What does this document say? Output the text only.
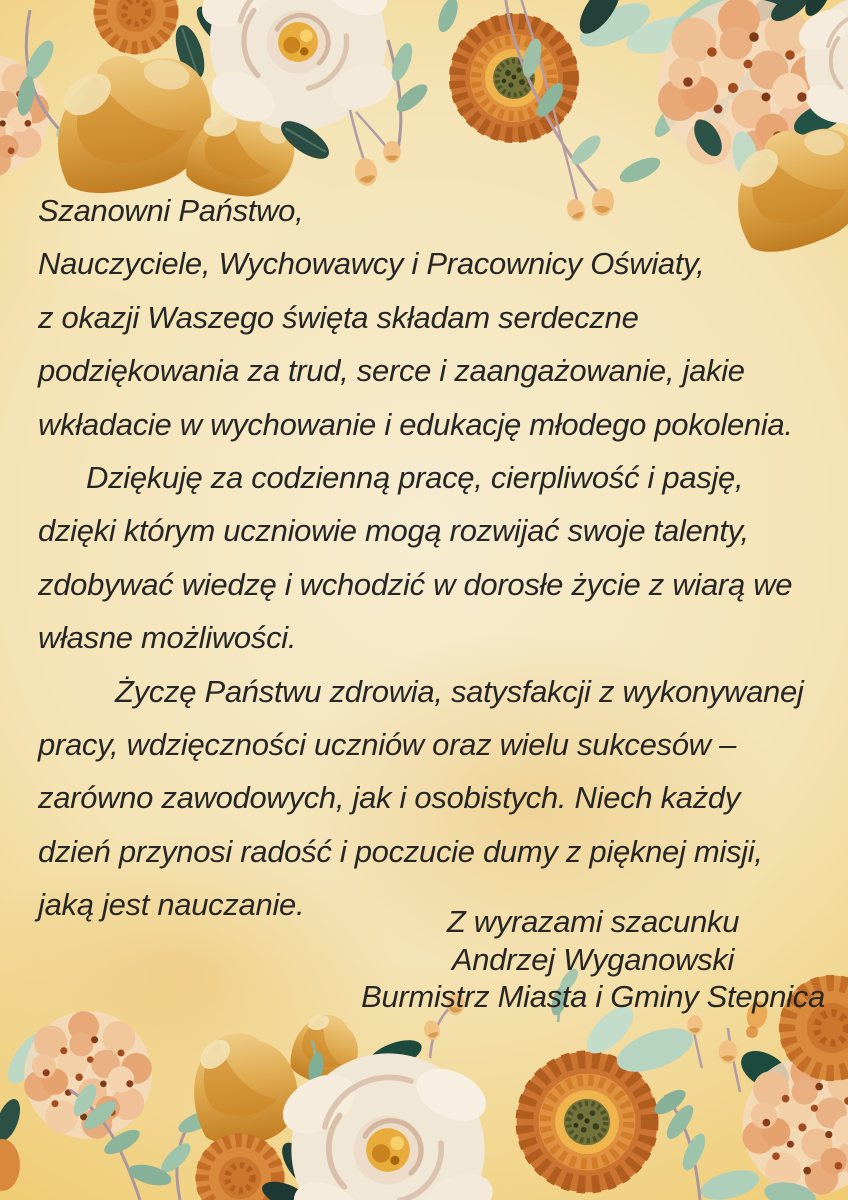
Szanowni Państwo,
Nauczyciele, Wychowawcy i Pracownicy Oświaty,
z okazji Waszego święta składam serdeczne
podziękowania za trud, serce i zaangażowanie, jakie
wkładacie w wychowanie i edukację młodego pokolenia.
Dziękuję za codzienną pracę, cierpliwość i pasję,
dzięki którym uczniowie mogą rozwijać swoje talenty,
zdobywać wiedzę i wchodzić w dorosłe życie z wiarą we
własne możliwości.
Życzę Państwu zdrowia, satysfakcji z wykonywanej
pracy, wdzięczności uczniów oraz wielu sukcesów –
zarówno zawodowych, jak i osobistych. Niech każdy
dzień przynosi radość i poczucie dumy z pięknej misji,
jaką jest nauczanie.	Z wyrazami szacunku
Andrzej Wyganowski
Burmistrz Miasta i Gminy Stepnica
